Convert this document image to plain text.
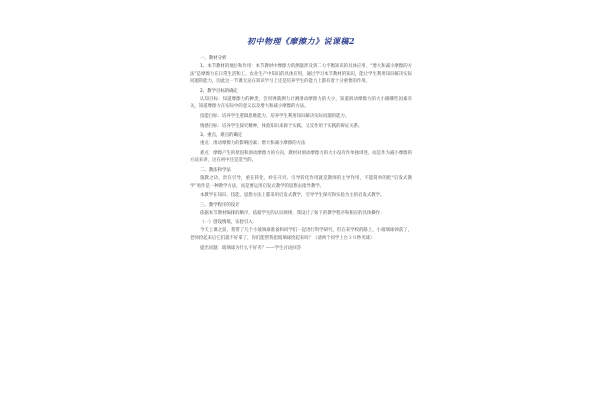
初中物理《摩擦力》说课稿2

一、教材分析

1、本节教材的地位和作用：本节教材中摩擦力的测量涉及到二力平衡知识的具体应用，“增大和减小摩擦的方法”是摩擦力在日常生活和工、农业生产中知识的具体应用，通过学习本节教材的知识，能让学生利用知识解决实际问题的能力，因此这一节课无论在知识学习上还是培养学生的能力上都有着十分重要的作用。

2、教学目标的确定

认知目标：知道摩擦力的种类，会用弹簧测力计测滑动摩擦力的大小，知道滑动摩擦力的大小跟哪些因素有关，知道摩擦力在实际中的意义以及增大和减小摩擦的方法。

技能目标：培养学生逻辑思维能力，培养学生利用知识解决实际问题的能力。

情感目标：培养学生探究精神，体验知识来源于实践、又反作用于实践的辩证关系。

3、重点，难点的确定

重点：滑动摩擦力的影响因素；增大和减小摩擦的方法

难点：摩擦产生的原因和滑动摩擦力的方向，教材对滑动摩擦力的大小没有作单独讲述，而是作为减小摩擦的方法来讲，这在初中还是适当的。

二、教法和学法

施教之功，贵在引导，重在转化，妙在开窍。引导转化作用就是教师的主导作用，不能简单的把“启发式教学”看作是一种教学方法，而是要运用启发式教学的思想去指导教学。

本教学在知识、技能、思想方法上都采用启发式教学，引导学生探究和实验为主的启发式教学。

三、教学程序的设计

依据本节教材编排的顺序，依据学生的认识规律，我设计了如下的教学程序和相应的具体操作：

（一）创设情境，实验引入：

今天上课之前，我带了几个小玻璃球准备和同学们一起进行科学研究，但在来学校的路上，小玻璃球掉落了，老师捡起来后它们就不好拿了，你们能帮我把玻璃球捡起来吗？（请两个同学上台２０秒夹球）

提出问题：玻璃球为什么不好夹？——学生讨论回答
